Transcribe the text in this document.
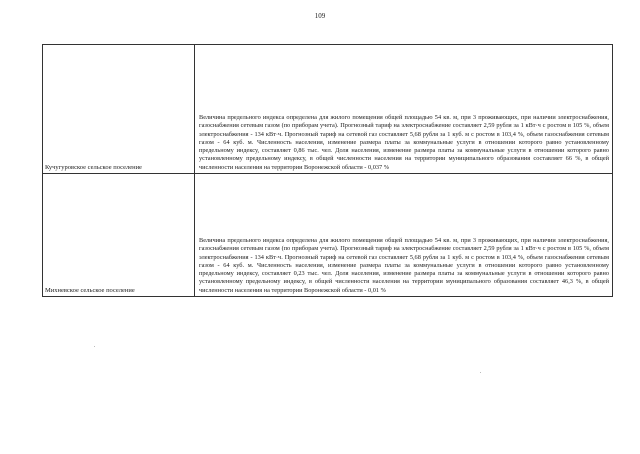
109
Кучугуровское сельское поселение	Величина предельного индекса определена для жилого помещения общей площадью 54 кв. м, при 3 проживающих, при наличии электроснабжения, газоснабжения сетевым газом (по приборам учета). Прогнозный тариф на электроснабжение составляет 2,59 рубля за 1 кВт·ч с ростом в 105 %, объем электроснабжения - 134 кВт·ч. Прогнозный тариф на сетевой газ составляет 5,68 рубля за 1 куб. м с ростом в 103,4 %, объем газоснабжения сетевым газом - 64 куб. м. Численность населения, изменение размера платы за коммунальные услуги в отношении которого равно установленному предельному индексу, составляет 0,86 тыс. чел. Доля населения, изменение размера платы за коммунальные услуги в отношении которого равно установленному предельному индексу, в общей численности населения на территории муниципального образования составляет 66 %, в общей численности населения на территории Воронежской области - 0,037 %

Михневское сельское поселение	Величина предельного индекса определена для жилого помещения общей площадью 54 кв. м, при 3 проживающих, при наличии электроснабжения, газоснабжения сетевым газом (по приборам учета). Прогнозный тариф на электроснабжение составляет 2,59 рубля за 1 кВт·ч с ростом в 105 %, объем электроснабжения - 134 кВт·ч. Прогнозный тариф на сетевой газ составляет 5,68 рубля за 1 куб. м с ростом в 103,4 %, объем газоснабжения сетевым газом - 64 куб. м. Численность населения, изменение размера платы за коммунальные услуги в отношении которого равно установленному предельному индексу, составляет 0,23 тыс. чел. Доля населения, изменение размера платы за коммунальные услуги в отношении которого равно установленному предельному индексу, в общей численности населения на территории муниципального образования составляет 46,3 %, в общей численности населения на территории Воронежской области - 0,01 %
